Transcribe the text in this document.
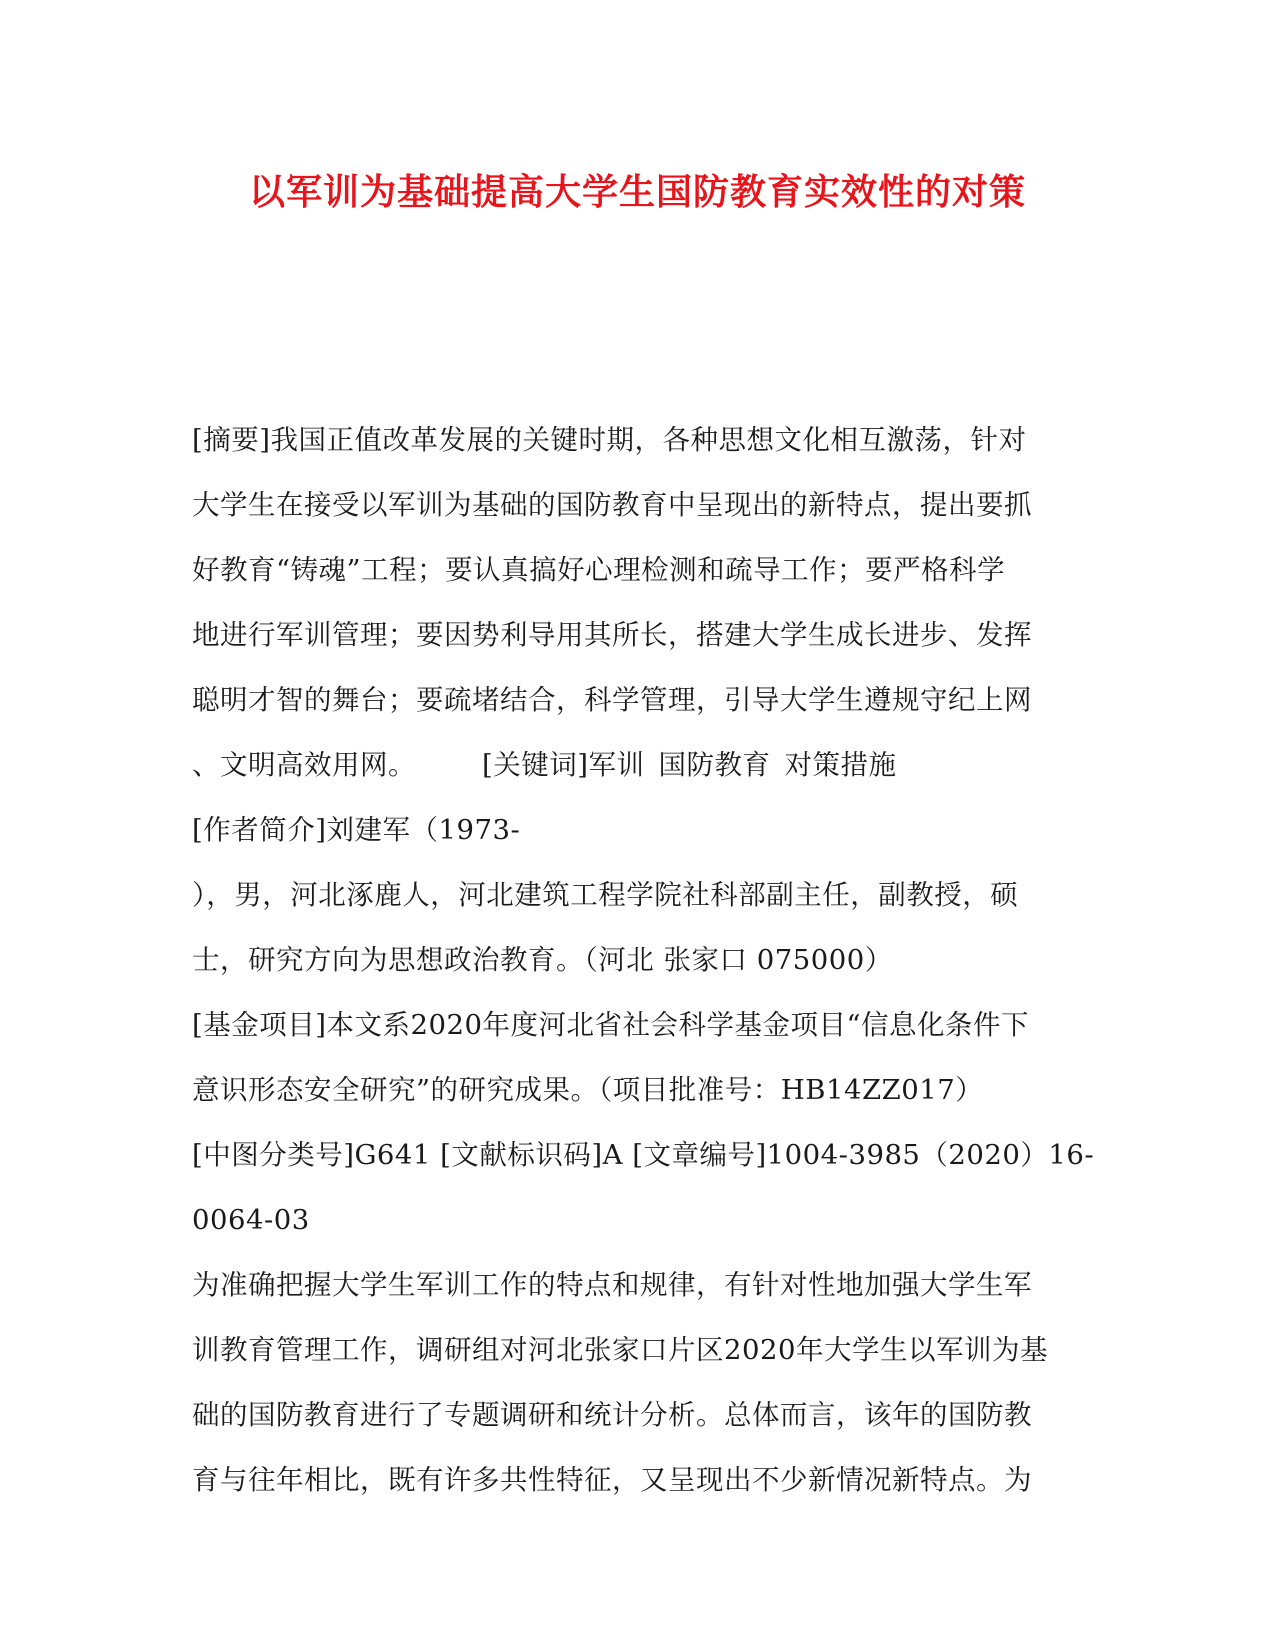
以军训为基础提高大学生国防教育实效性的对策
[摘要]我国正值改革发展的关键时期，各种思想文化相互激荡，针对
大学生在接受以军训为基础的国防教育中呈现出的新特点，提出要抓
好教育“铸魂”工程；要认真搞好心理检测和疏导工作；要严格科学
地进行军训管理；要因势利导用其所长，搭建大学生成长进步、发挥
聪明才智的舞台；要疏堵结合，科学管理，引导大学生遵规守纪上网
、文明高效用网。 [关键词]军训 国防教育 对策措施
[作者简介]刘建军（1973-
），男，河北涿鹿人，河北建筑工程学院社科部副主任，副教授，硕
士，研究方向为思想政治教育。（河北 张家口 075000）
[基金项目]本文系2020年度河北省社会科学基金项目“信息化条件下
意识形态安全研究”的研究成果。（项目批准号：HB14ZZ017）
[中图分类号]G641 [文献标识码]A [文章编号]1004-3985（2020）16-
0064-03
为准确把握大学生军训工作的特点和规律，有针对性地加强大学生军
训教育管理工作，调研组对河北张家口片区2020年大学生以军训为基
础的国防教育进行了专题调研和统计分析。总体而言，该年的国防教
育与往年相比，既有许多共性特征，又呈现出不少新情况新特点。为
